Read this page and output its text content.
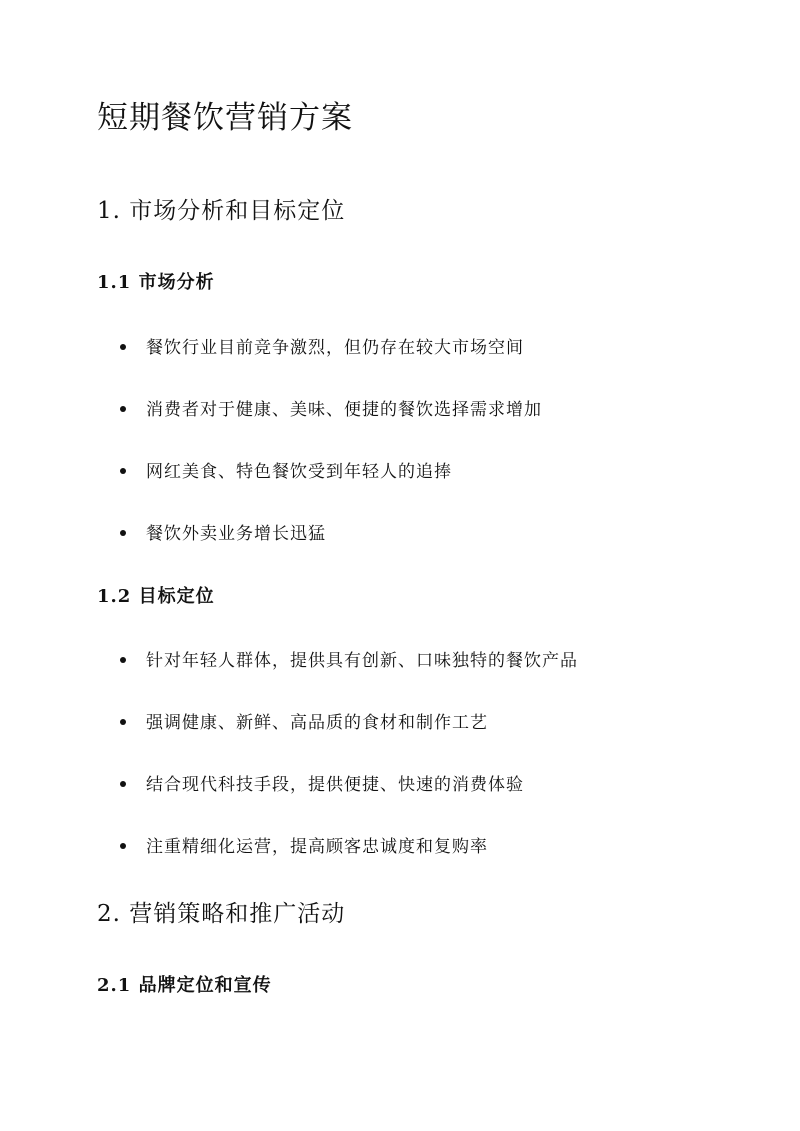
短期餐饮营销方案
1. 市场分析和目标定位
1.1 市场分析
餐饮行业目前竞争激烈，但仍存在较大市场空间
消费者对于健康、美味、便捷的餐饮选择需求增加
网红美食、特色餐饮受到年轻人的追捧
餐饮外卖业务增长迅猛
1.2 目标定位
针对年轻人群体，提供具有创新、口味独特的餐饮产品
强调健康、新鲜、高品质的食材和制作工艺
结合现代科技手段，提供便捷、快速的消费体验
注重精细化运营，提高顾客忠诚度和复购率
2. 营销策略和推广活动
2.1 品牌定位和宣传
